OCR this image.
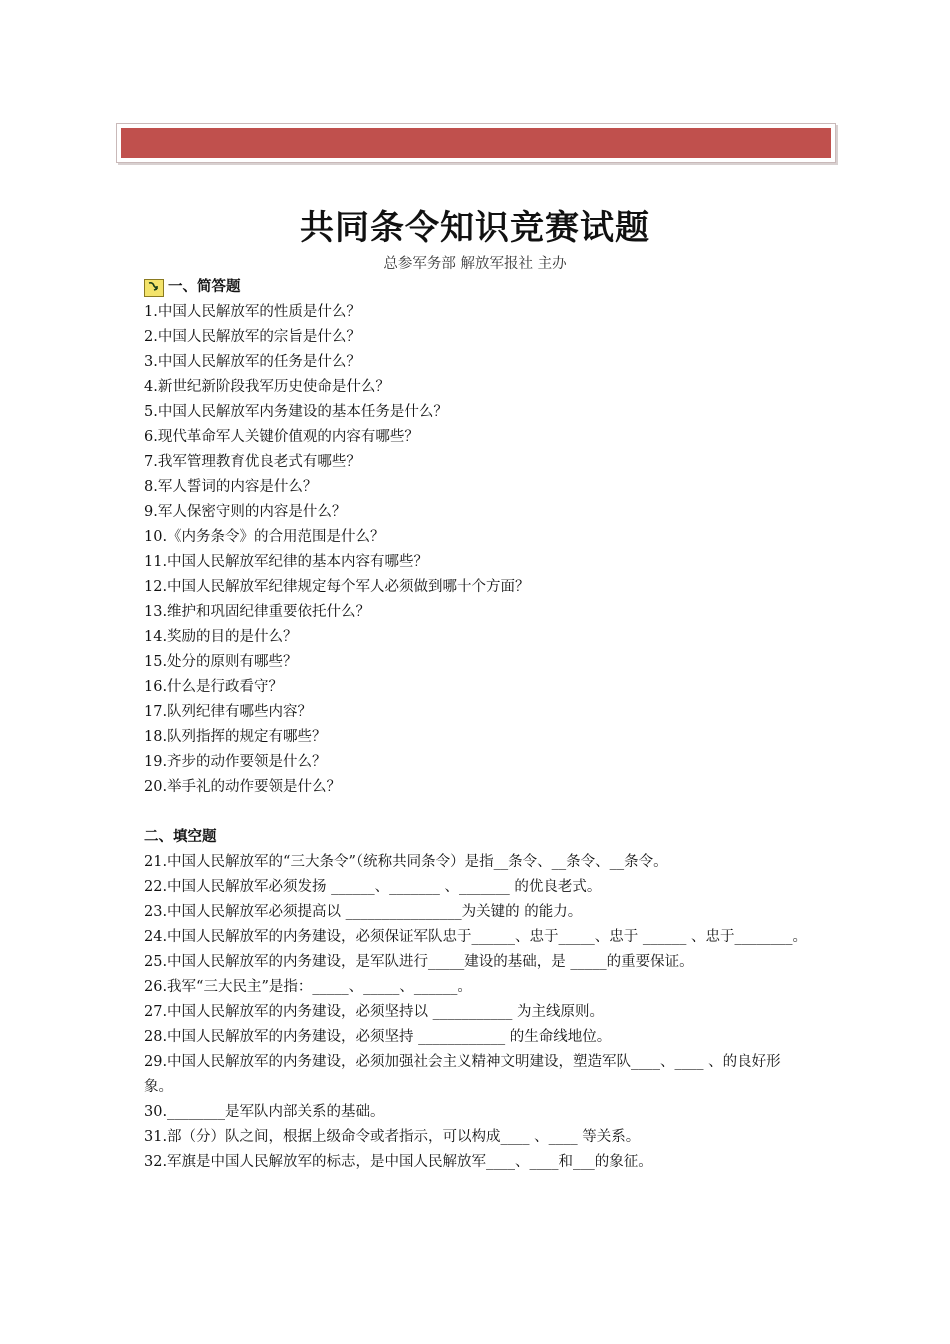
共同条令知识竞赛试题
总参军务部 解放军报社 主办
一、简答题
1.中国人民解放军的性质是什么？
2.中国人民解放军的宗旨是什么？
3.中国人民解放军的任务是什么？
4.新世纪新阶段我军历史使命是什么？
5.中国人民解放军内务建设的基本任务是什么？
6.现代革命军人关键价值观的内容有哪些？
7.我军管理教育优良老式有哪些？
8.军人誓词的内容是什么？
9.军人保密守则的内容是什么？
10.《内务条令》的合用范围是什么？
11.中国人民解放军纪律的基本内容有哪些？
12.中国人民解放军纪律规定每个军人必须做到哪十个方面？
13.维护和巩固纪律重要依托什么？
14.奖励的目的是什么？
15.处分的原则有哪些？
16.什么是行政看守？
17.队列纪律有哪些内容？
18.队列指挥的规定有哪些？
19.齐步的动作要领是什么？
20.举手礼的动作要领是什么？
二、填空题
21.中国人民解放军的“三大条令”（统称共同条令）是指__条令、__条令、__条令。
22.中国人民解放军必须发扬 ______、_______ 、_______ 的优良老式。
23.中国人民解放军必须提高以 ________________为关键的 的能力。
24.中国人民解放军的内务建设，必须保证军队忠于______、忠于_____、忠于 ______ 、忠于________。
25.中国人民解放军的内务建设，是军队进行_____建设的基础，是 _____的重要保证。
26.我军“三大民主”是指：_____、_____、______。
27.中国人民解放军的内务建设，必须坚持以 ___________ 为主线原则。
28.中国人民解放军的内务建设，必须坚持 ____________ 的生命线地位。
29.中国人民解放军的内务建设，必须加强社会主义精神文明建设，塑造军队____、____ 、的良好形象。
30.________是军队内部关系的基础。
31.部（分）队之间，根据上级命令或者指示，可以构成____ 、____ 等关系。
32.军旗是中国人民解放军的标志，是中国人民解放军____、____和___的象征。
